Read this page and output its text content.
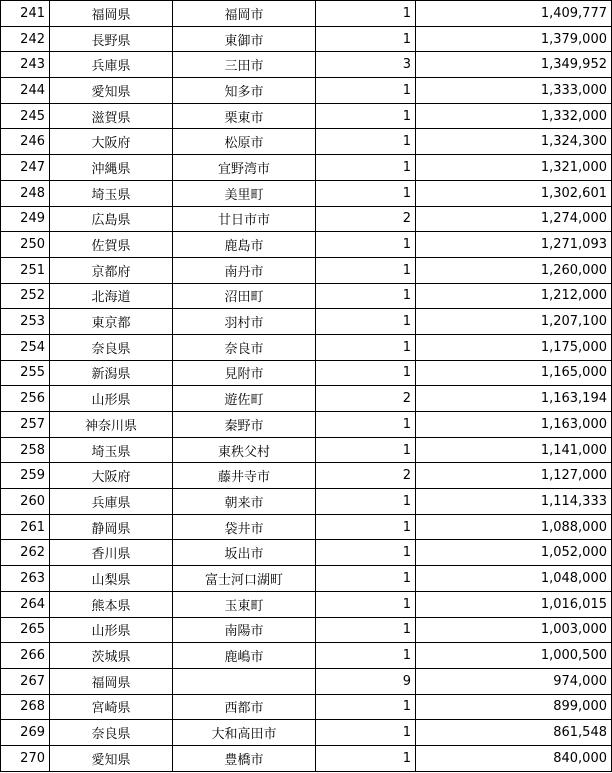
241	福岡県	福岡市	1	1,409,777
242	長野県	東御市	1	1,379,000
243	兵庫県	三田市	3	1,349,952
244	愛知県	知多市	1	1,333,000
245	滋賀県	栗東市	1	1,332,000
246	大阪府	松原市	1	1,324,300
247	沖縄県	宜野湾市	1	1,321,000
248	埼玉県	美里町	1	1,302,601
249	広島県	廿日市市	2	1,274,000
250	佐賀県	鹿島市	1	1,271,093
251	京都府	南丹市	1	1,260,000
252	北海道	沼田町	1	1,212,000
253	東京都	羽村市	1	1,207,100
254	奈良県	奈良市	1	1,175,000
255	新潟県	見附市	1	1,165,000
256	山形県	遊佐町	2	1,163,194
257	神奈川県	秦野市	1	1,163,000
258	埼玉県	東秩父村	1	1,141,000
259	大阪府	藤井寺市	2	1,127,000
260	兵庫県	朝来市	1	1,114,333
261	静岡県	袋井市	1	1,088,000
262	香川県	坂出市	1	1,052,000
263	山梨県	富士河口湖町	1	1,048,000
264	熊本県	玉東町	1	1,016,015
265	山形県	南陽市	1	1,003,000
266	茨城県	鹿嶋市	1	1,000,500
267	福岡県		9	974,000
268	宮崎県	西都市	1	899,000
269	奈良県	大和高田市	1	861,548
270	愛知県	豊橋市	1	840,000
